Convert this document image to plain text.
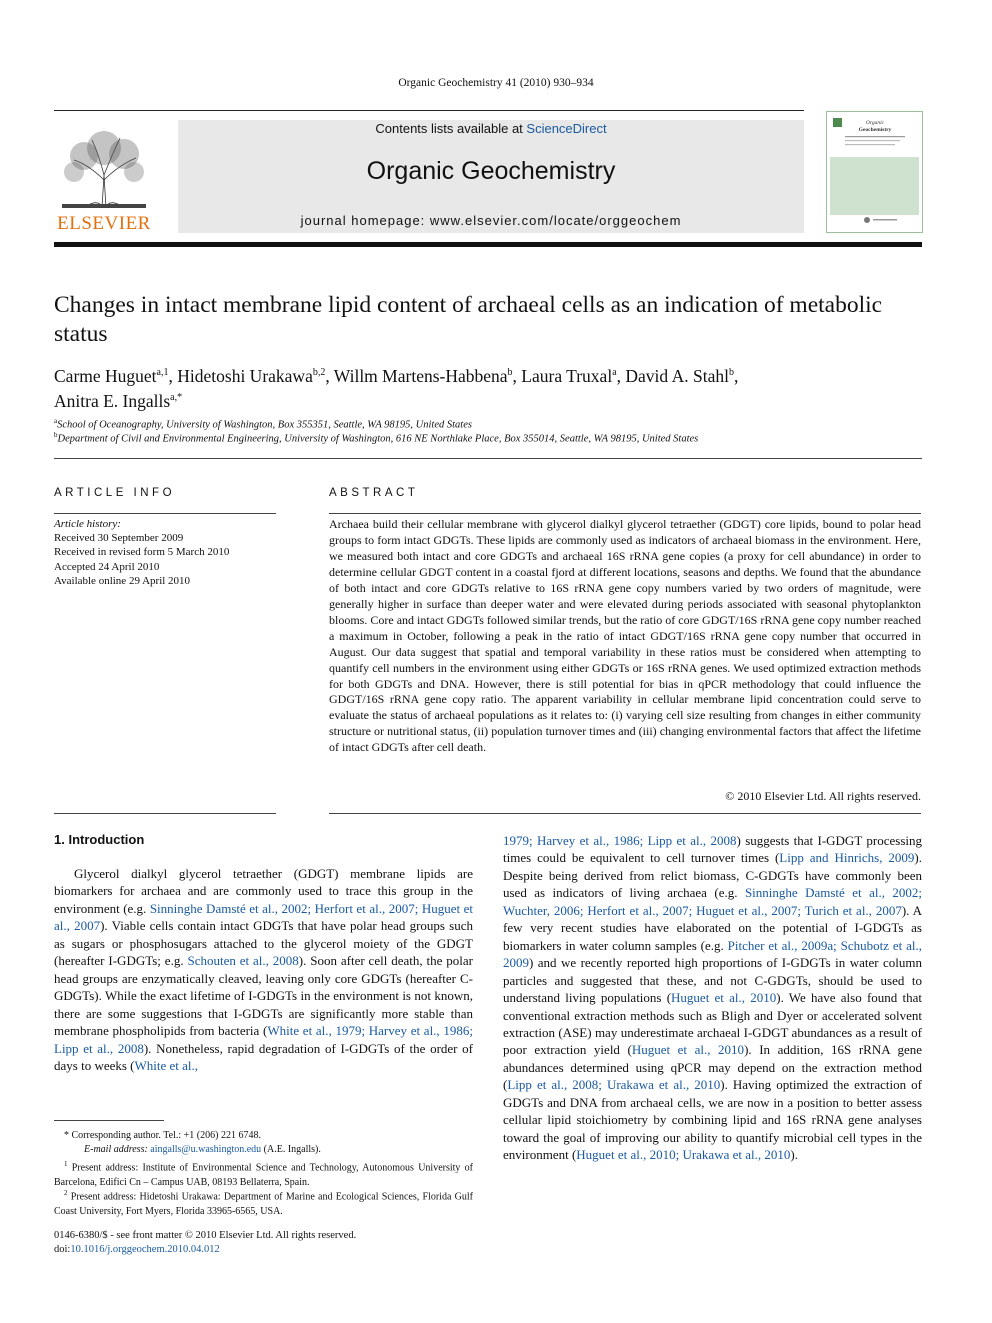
Organic Geochemistry 41 (2010) 930–934
ELSEVIER
Contents lists available at ScienceDirect
Organic Geochemistry
journal homepage: www.elsevier.com/locate/orggeochem
Organic
Geochemistry
Changes in intact membrane lipid content of archaeal cells as an indication of metabolic status
Carme Huguet$^{a,1}$, Hidetoshi Urakawa$^{b,2}$, Willm Martens-Habbena$^b$, Laura Truxal$^a$, David A. Stahl$^b$,
Anitra E. Ingalls$^{a,*}$
$^a$School of Oceanography, University of Washington, Box 355351, Seattle, WA 98195, United States
$^b$Department of Civil and Environmental Engineering, University of Washington, 616 NE Northlake Place, Box 355014, Seattle, WA 98195, United States
ARTICLE INFO
Article history:
Received 30 September 2009
Received in revised form 5 March 2010
Accepted 24 April 2010
Available online 29 April 2010
ABSTRACT
Archaea build their cellular membrane with glycerol dialkyl glycerol tetraether (GDGT) core lipids, bound to polar head groups to form intact GDGTs. These lipids are commonly used as indicators of archaeal biomass in the environment. Here, we measured both intact and core GDGTs and archaeal 16S rRNA gene copies (a proxy for cell abundance) in order to determine cellular GDGT content in a coastal fjord at different locations, seasons and depths. We found that the abundance of both intact and core GDGTs relative to 16S rRNA gene copy numbers varied by two orders of magnitude, were generally higher in surface than deeper water and were elevated during periods associated with seasonal phytoplankton blooms. Core and intact GDGTs followed similar trends, but the ratio of core GDGT/16S rRNA gene copy number reached a maximum in October, following a peak in the ratio of intact GDGT/16S rRNA gene copy number that occurred in August. Our data suggest that spatial and temporal variability in these ratios must be considered when attempting to quantify cell numbers in the environment using either GDGTs or 16S rRNA genes. We used optimized extraction methods for both GDGTs and DNA. However, there is still potential for bias in qPCR methodology that could influence the GDGT/16S rRNA gene copy ratio. The apparent variability in cellular membrane lipid concentration could serve to evaluate the status of archaeal populations as it relates to: (i) varying cell size resulting from changes in either community structure or nutritional status, (ii) population turnover times and (iii) changing environmental factors that affect the lifetime of intact GDGTs after cell death.
© 2010 Elsevier Ltd. All rights reserved.
1. Introduction
Glycerol dialkyl glycerol tetraether (GDGT) membrane lipids are biomarkers for archaea and are commonly used to trace this group in the environment (e.g. Sinninghe Damsté et al., 2002; Herfort et al., 2007; Huguet et al., 2007). Viable cells contain intact GDGTs that have polar head groups such as sugars or phosphosugars attached to the glycerol moiety of the GDGT (hereafter I-GDGTs; e.g. Schouten et al., 2008). Soon after cell death, the polar head groups are enzymatically cleaved, leaving only core GDGTs (hereafter C-GDGTs). While the exact lifetime of I-GDGTs in the environment is not known, there are some suggestions that I-GDGTs are significantly more stable than membrane phospholipids from bacteria (White et al., 1979; Harvey et al., 1986; Lipp et al., 2008). Nonetheless, rapid degradation of I-GDGTs of the order of days to weeks (White et al.,
1979; Harvey et al., 1986; Lipp et al., 2008) suggests that I-GDGT processing times could be equivalent to cell turnover times (Lipp and Hinrichs, 2009). Despite being derived from relict biomass, C-GDGTs have commonly been used as indicators of living archaea (e.g. Sinninghe Damsté et al., 2002; Wuchter, 2006; Herfort et al., 2007; Huguet et al., 2007; Turich et al., 2007). A few very recent studies have elaborated on the potential of I-GDGTs as biomarkers in water column samples (e.g. Pitcher et al., 2009a; Schubotz et al., 2009) and we recently reported high proportions of I-GDGTs in water column particles and suggested that these, and not C-GDGTs, should be used to understand living populations (Huguet et al., 2010). We have also found that conventional extraction methods such as Bligh and Dyer or accelerated solvent extraction (ASE) may underestimate archaeal I-GDGT abundances as a result of poor extraction yield (Huguet et al., 2010). In addition, 16S rRNA gene abundances determined using qPCR may depend on the extraction method (Lipp et al., 2008; Urakawa et al., 2010). Having optimized the extraction of GDGTs and DNA from archaeal cells, we are now in a position to better assess cellular lipid stoichiometry by combining lipid and 16S rRNA gene analyses toward the goal of improving our ability to quantify microbial cell types in the environment (Huguet et al., 2010; Urakawa et al., 2010).
* Corresponding author. Tel.: +1 (206) 221 6748.
E-mail address: aingalls@u.washington.edu (A.E. Ingalls).
$^1$ Present address: Institute of Environmental Science and Technology, Autonomous University of Barcelona, Edifici Cn – Campus UAB, 08193 Bellaterra, Spain.
$^2$ Present address: Hidetoshi Urakawa: Department of Marine and Ecological Sciences, Florida Gulf Coast University, Fort Myers, Florida 33965-6565, USA.
0146-6380/$ - see front matter © 2010 Elsevier Ltd. All rights reserved.
doi:10.1016/j.orggeochem.2010.04.012
